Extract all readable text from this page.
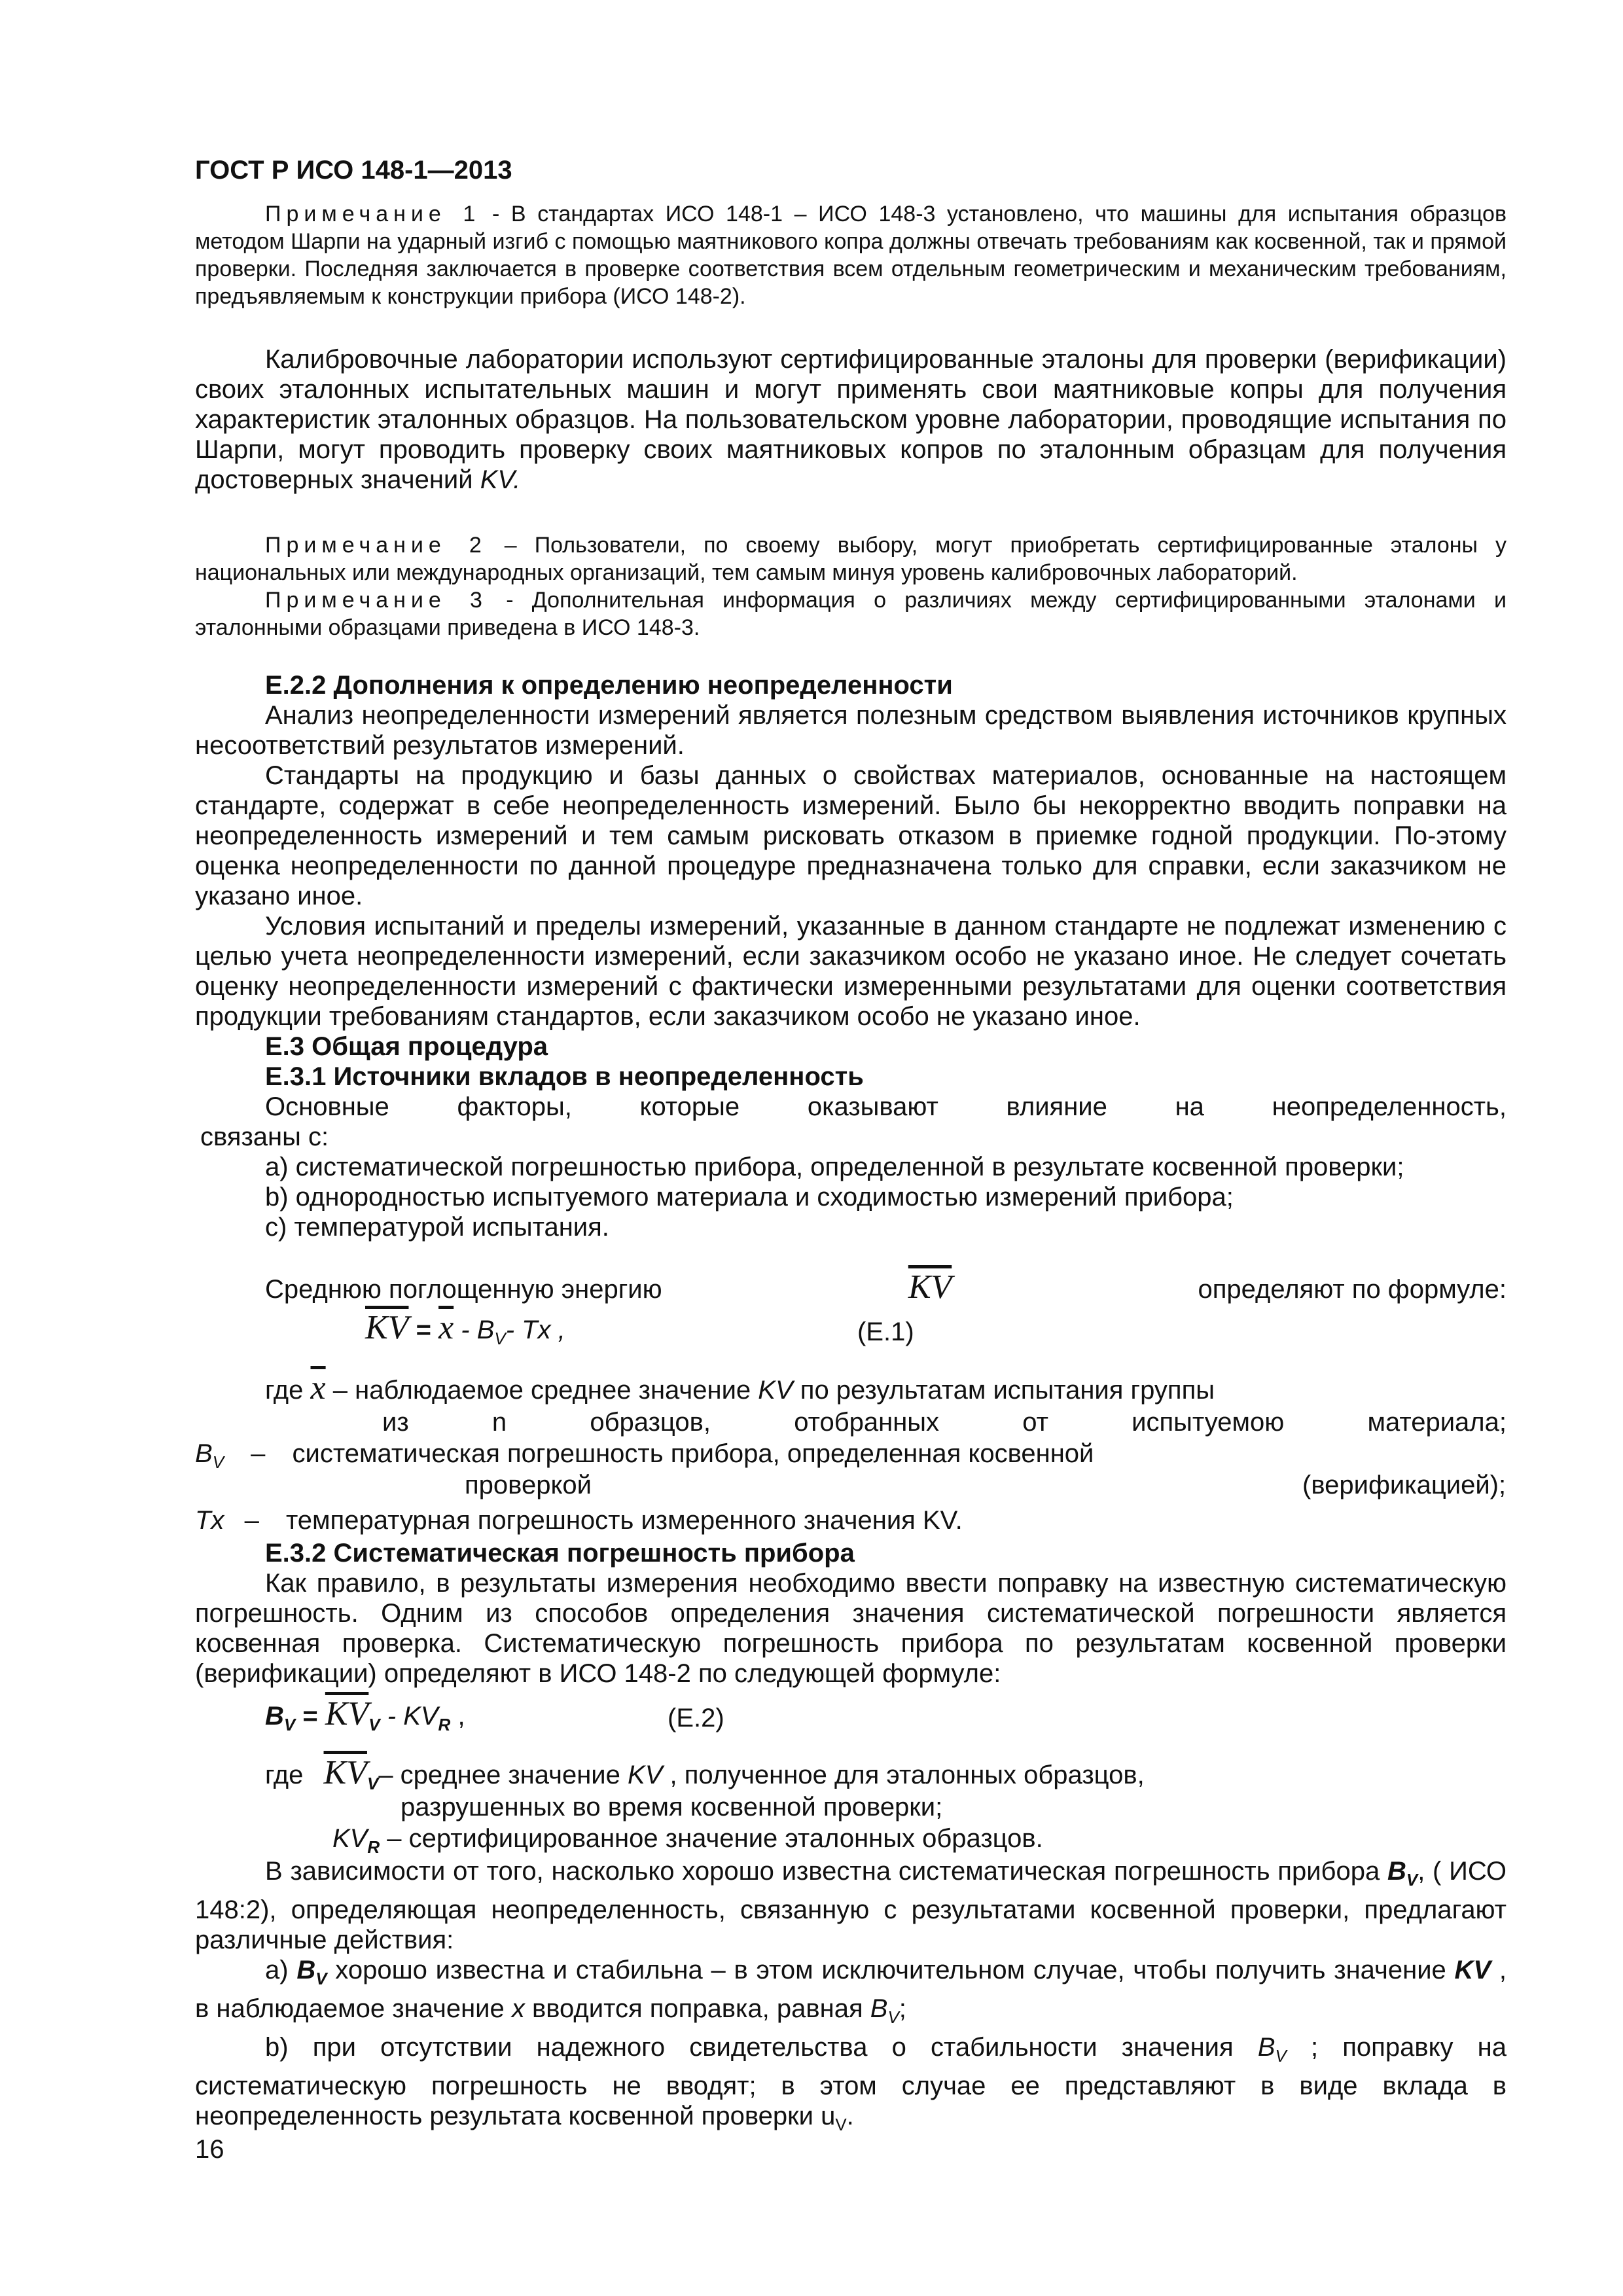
ГОСТ Р ИСО 148-1—2013

Примечание 1 - В стандартах ИСО 148-1 – ИСО 148-3 установлено, что машины для испытания образцов методом Шарпи на ударный изгиб с помощью маятникового копра должны отвечать требованиям как косвенной, так и прямой проверки. Последняя заключается в проверке соответствия всем отдельным геометрическим и механическим требованиям, предъявляемым к конструкции прибора (ИСО 148-2).

Калибровочные лаборатории используют сертифицированные эталоны для проверки (верификации) своих эталонных испытательных машин и могут применять свои маятниковые копры для получения характеристик эталонных образцов. На пользовательском уровне лаборатории, проводящие испытания по Шарпи, могут проводить проверку своих маятниковых копров по эталонным образцам для получения достоверных значений KV.

Примечание 2 – Пользователи, по своему выбору, могут приобретать сертифицированные эталоны у национальных или международных организаций, тем самым минуя уровень калибровочных лабораторий.

Примечание 3 - Дополнительная информация о различиях между сертифицированными эталонами и эталонными образцами приведена в ИСО 148-3.

Е.2.2 Дополнения к определению неопределенности

Анализ неопределенности измерений является полезным средством выявления источников крупных несоответствий результатов измерений.

Стандарты на продукцию и базы данных о свойствах материалов, основанные на настоящем стандарте, содержат в себе неопределенность измерений. Было бы некорректно вводить поправки на неопределенность измерений и тем самым рисковать отказом в приемке годной продукции. По-этому оценка неопределенности по данной процедуре предназначена только для справки, если заказчиком не указано иное.

Условия испытаний и пределы измерений, указанные в данном стандарте не подлежат изменению с целью учета неопределенности измерений, если заказчиком особо не указано иное. Не следует сочетать оценку неопределенности измерений с фактически измеренными результатами для оценки соответствия продукции требованиям стандартов, если заказчиком особо не указано иное.

Е.3 Общая процедура

Е.3.1 Источники вкладов в неопределенность

Основные факторы, которые оказывают влияние на неопределенность,

связаны с:

a) систематической погрешностью прибора, определенной в результате косвенной проверки;

b) однородностью испытуемого материала и сходимостью измерений прибора;

c) температурой испытания.

Среднюю поглощенную энергию	$\overline{KV}$	определяют по формуле:
$\overline{KV} = \overline{x} - B_V-$ Tx ,	(Е.1)
где $\overline{x}$ – наблюдаемое среднее значение KV по результатам испытания группы
из n образцов, отобранных от испытуемою материала;
$B_V$ – систематическая погрешность прибора, определенная косвенной
проверкой	(верификацией);
Tx – температурная погрешность измеренного значения KV.

Е.3.2 Систематическая погрешность прибора

Как правило, в результаты измерения необходимо ввести поправку на известную систематическую погрешность. Одним из способов определения значения систематической погрешности является косвенная проверка. Систематическую погрешность прибора по результатам косвенной проверки (верификации) определяют в ИСО 148-2 по следующей формуле:

$B_V = \overline{KV}_V - KV_R$ ,	(Е.2)
где $\overline{KV}_V-$ среднее значение KV , полученное для эталонных образцов,
разрушенных во время косвенной проверки;
$KV_R$ – сертифицированное значение эталонных образцов.

В зависимости от того, насколько хорошо известна систематическая погрешность прибора $B_V$, ( ИСО 148:2), определяющая неопределенность, связанную с результатами косвенной проверки, предлагают различные действия:

a) $B_V$ хорошо известна и стабильна – в этом исключительном случае, чтобы получить значение KV , в наблюдаемое значение x вводится поправка, равная $B_V$;

b) при отсутствии надежного свидетельства о стабильности значения $B_V$ ; поправку на систематическую погрешность не вводят; в этом случае ее представляют в виде вклада в неопределенность результата косвенной проверки $u_V$.

16
